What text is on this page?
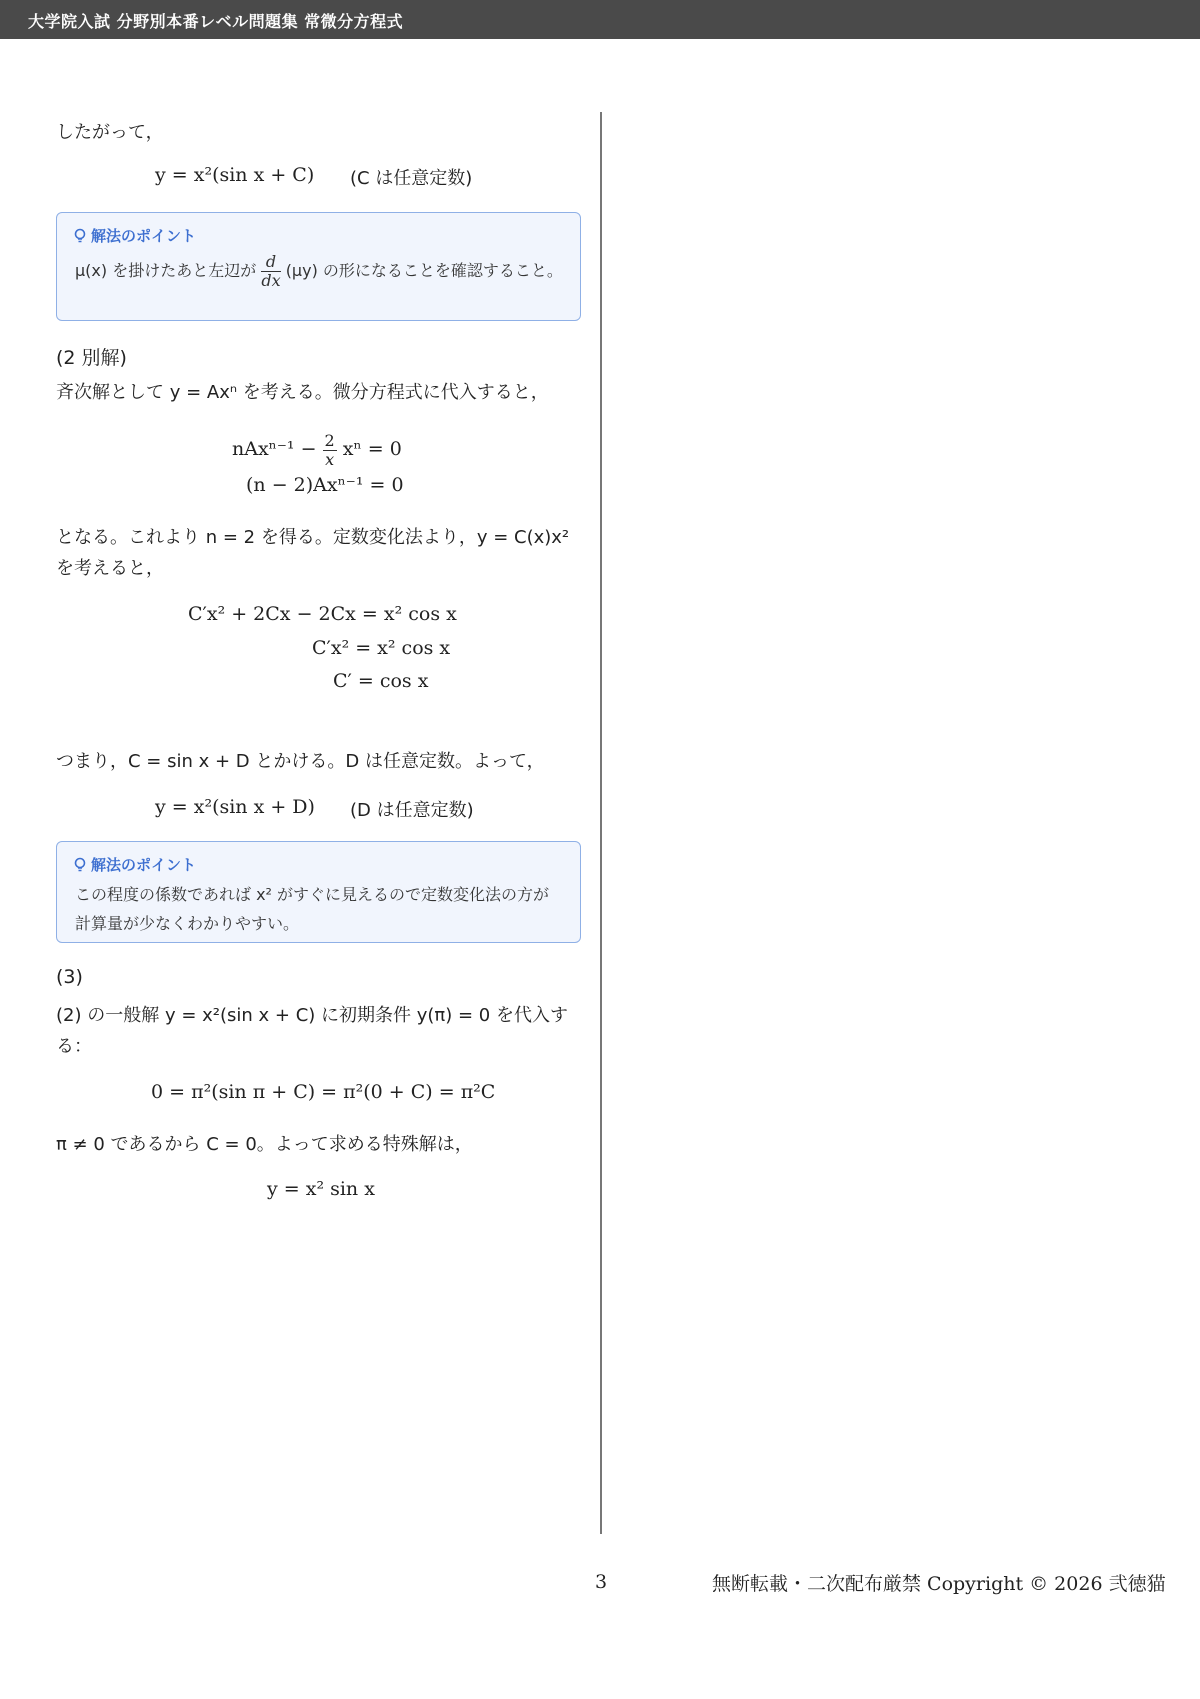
大学院入試 分野別本番レベル問題集 常微分方程式
したがって，
y = x²(sin x + C) (C は任意定数)
解法のポイント
μ(x) を掛けたあと左辺が $\frac{d}{dx} (\mu y)$ の形になることを確認すること。
(2 別解)
斉次解として y = Axⁿ を考える。微分方程式に代入すると，
$nAx^{n-1} - \frac{2}{x}$ xⁿ = 0
(n − 2)Axⁿ⁻¹ = 0
となる。これより n = 2 を得る。定数変化法より，y = C(x)x² を考えると，
C′x² + 2Cx − 2Cx = x² cos x
C′x² = x² cos x
C′ = cos x
つまり，C = sin x + D とかける。D は任意定数。よって，
y = x²(sin x + D) (D は任意定数)
解法のポイント
この程度の係数であれば x² がすぐに見えるので定数変化法の方が計算量が少なくわかりやすい。
(3)
(2) の一般解 y = x²(sin x + C) に初期条件 y(π) = 0 を代入する：
0 = π²(sin π + C) = π²(0 + C) = π²C
π ≠ 0 であるから C = 0。よって求める特殊解は，
y = x² sin x
3	無断転載・二次配布厳禁 Copyright © 2026 弐徳猫
